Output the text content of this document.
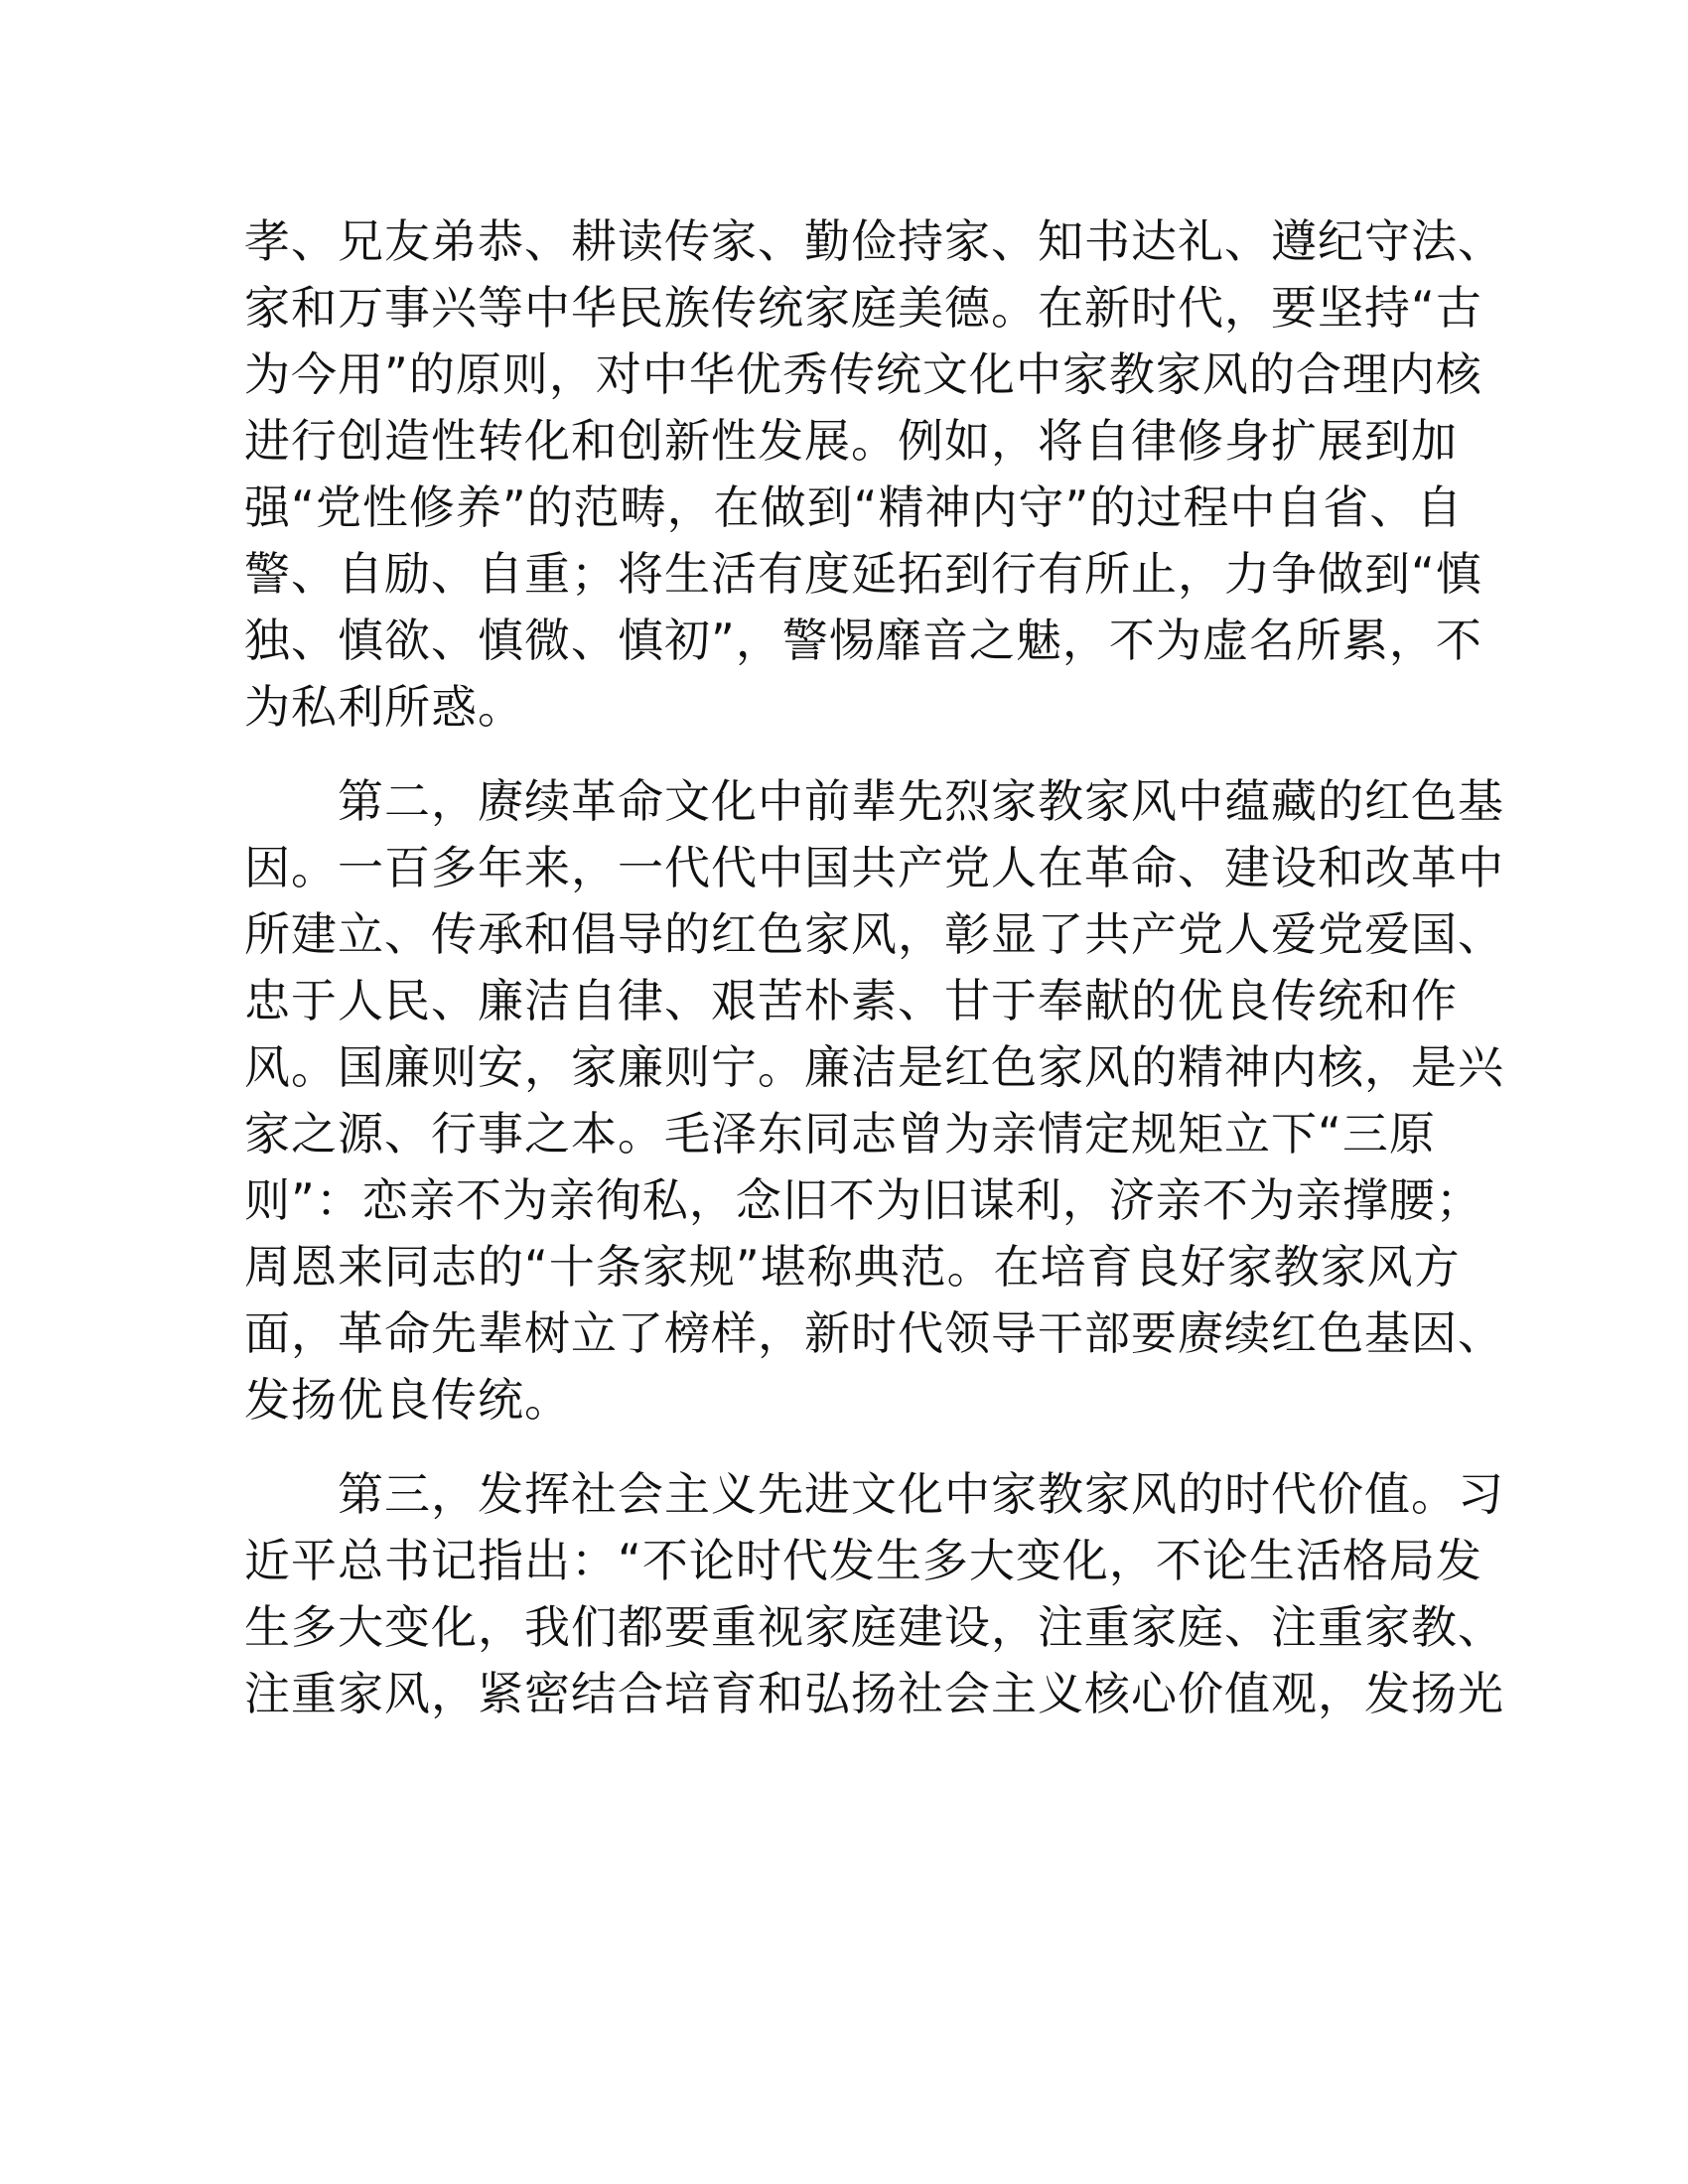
孝、兄友弟恭、耕读传家、勤俭持家、知书达礼、遵纪守法、
家和万事兴等中华民族传统家庭美德。在新时代，要坚持“古
为今用”的原则，对中华优秀传统文化中家教家风的合理内核
进行创造性转化和创新性发展。例如，将自律修身扩展到加
强“党性修养”的范畴，在做到“精神内守”的过程中自省、自
警、自励、自重；将生活有度延拓到行有所止，力争做到“慎
独、慎欲、慎微、慎初”，警惕靡音之魅，不为虚名所累，不
为私利所惑。
　　第二，赓续革命文化中前辈先烈家教家风中蕴藏的红色基
因。一百多年来，一代代中国共产党人在革命、建设和改革中
所建立、传承和倡导的红色家风，彰显了共产党人爱党爱国、
忠于人民、廉洁自律、艰苦朴素、甘于奉献的优良传统和作
风。国廉则安，家廉则宁。廉洁是红色家风的精神内核，是兴
家之源、行事之本。毛泽东同志曾为亲情定规矩立下“三原
则”：恋亲不为亲徇私，念旧不为旧谋利，济亲不为亲撑腰；
周恩来同志的“十条家规”堪称典范。在培育良好家教家风方
面，革命先辈树立了榜样，新时代领导干部要赓续红色基因、
发扬优良传统。
　　第三，发挥社会主义先进文化中家教家风的时代价值。习
近平总书记指出：“不论时代发生多大变化，不论生活格局发
生多大变化，我们都要重视家庭建设，注重家庭、注重家教、
注重家风，紧密结合培育和弘扬社会主义核心价值观，发扬光
